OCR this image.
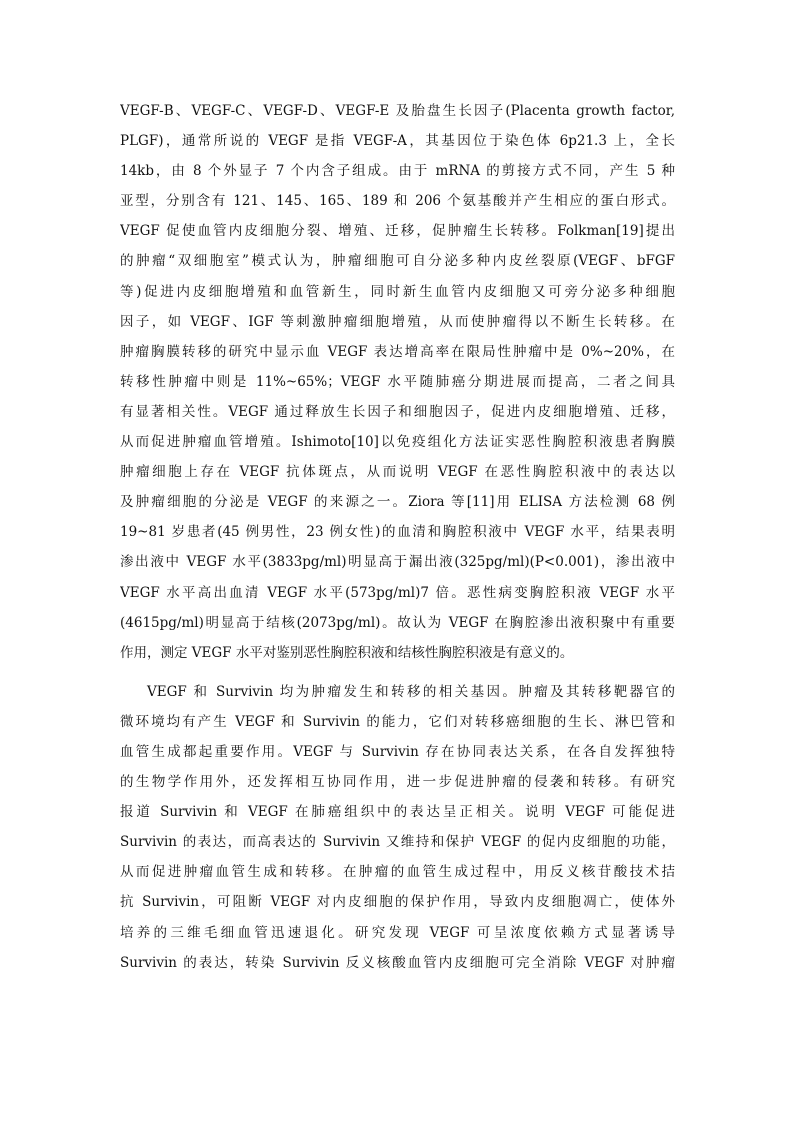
VEGF-B、VEGF-C、VEGF-D、VEGF-E 及胎盘生长因子(Placenta growth factor,
PLGF)，通常所说的 VEGF 是指 VEGF-A，其基因位于染色体 6p21.3 上，全长
14kb，由 8 个外显子 7 个内含子组成。由于 mRNA 的剪接方式不同，产生 5 种
亚型，分别含有 121、145、165、189 和 206 个氨基酸并产生相应的蛋白形式。
VEGF 促使血管内皮细胞分裂、增殖、迁移，促肿瘤生长转移。Folkman[19]提出
的肿瘤“双细胞室”模式认为，肿瘤细胞可自分泌多种内皮丝裂原(VEGF、bFGF
等)促进内皮细胞增殖和血管新生，同时新生血管内皮细胞又可旁分泌多种细胞
因子，如 VEGF、IGF 等刺激肿瘤细胞增殖，从而使肿瘤得以不断生长转移。在
肿瘤胸膜转移的研究中显示血 VEGF 表达增高率在限局性肿瘤中是 0%~20%，在
转移性肿瘤中则是 11%~65%；VEGF 水平随肺癌分期进展而提高，二者之间具
有显著相关性。VEGF 通过释放生长因子和细胞因子，促进内皮细胞增殖、迁移，
从而促进肿瘤血管增殖。Ishimoto[10]以免疫组化方法证实恶性胸腔积液患者胸膜
肿瘤细胞上存在 VEGF 抗体斑点，从而说明 VEGF 在恶性胸腔积液中的表达以
及肿瘤细胞的分泌是 VEGF 的来源之一。Ziora 等[11]用 ELISA 方法检测 68 例
19~81 岁患者(45 例男性，23 例女性)的血清和胸腔积液中 VEGF 水平，结果表明
渗出液中 VEGF 水平(3833pg/ml)明显高于漏出液(325pg/ml)(P<0.001)，渗出液中
VEGF 水平高出血清 VEGF 水平(573pg/ml)7 倍。恶性病变胸腔积液 VEGF 水平
(4615pg/ml)明显高于结核(2073pg/ml)。故认为 VEGF 在胸腔渗出液积聚中有重要
作用，测定 VEGF 水平对鉴别恶性胸腔积液和结核性胸腔积液是有意义的。
VEGF 和 Survivin 均为肿瘤发生和转移的相关基因。肿瘤及其转移靶器官的
微环境均有产生 VEGF 和 Survivin 的能力，它们对转移癌细胞的生长、淋巴管和
血管生成都起重要作用。VEGF 与 Survivin 存在协同表达关系，在各自发挥独特
的生物学作用外，还发挥相互协同作用，进一步促进肿瘤的侵袭和转移。有研究
报道 Survivin 和 VEGF 在肺癌组织中的表达呈正相关。说明 VEGF 可能促进
Survivin 的表达，而高表达的 Survivin 又维持和保护 VEGF 的促内皮细胞的功能，
从而促进肿瘤血管生成和转移。在肿瘤的血管生成过程中，用反义核苷酸技术拮
抗 Survivin，可阻断 VEGF 对内皮细胞的保护作用，导致内皮细胞凋亡，使体外
培养的三维毛细血管迅速退化。研究发现 VEGF 可呈浓度依赖方式显著诱导
Survivin 的表达，转染 Survivin 反义核酸血管内皮细胞可完全消除 VEGF 对肿瘤
